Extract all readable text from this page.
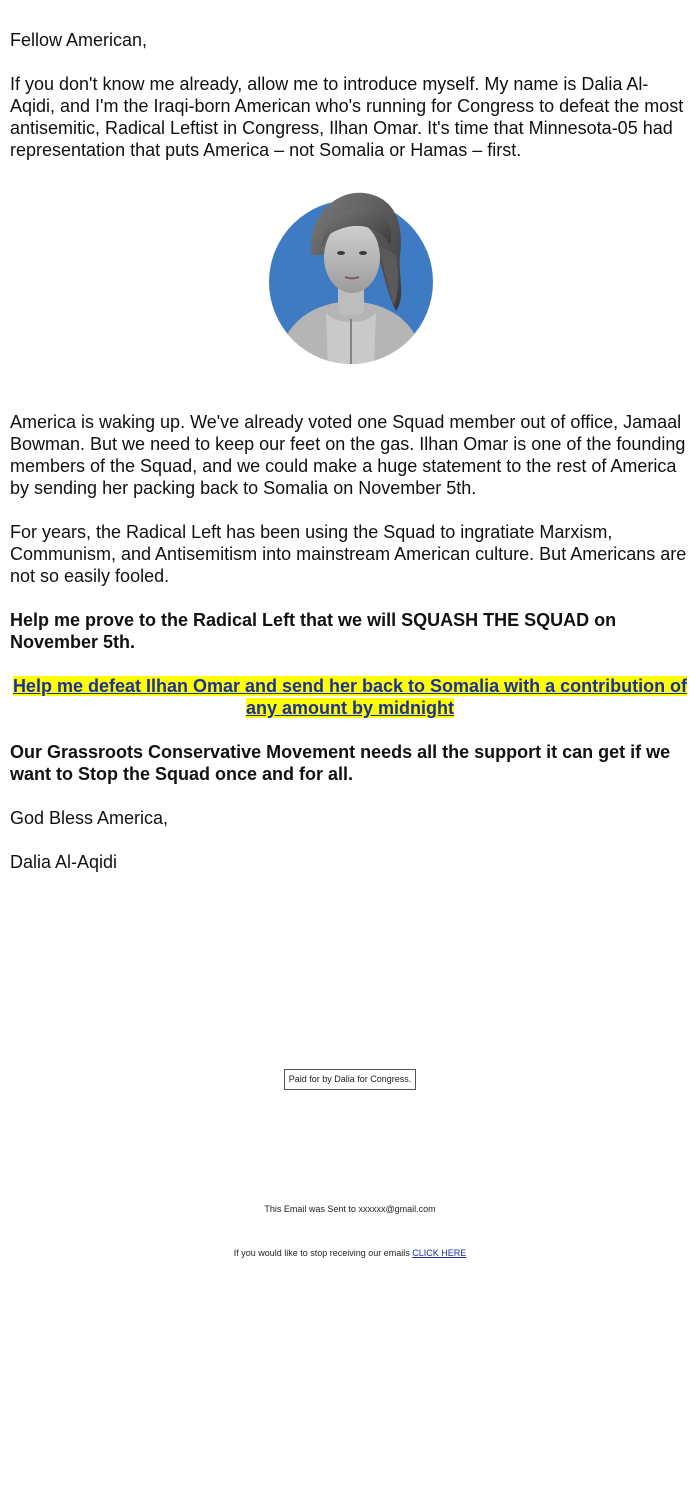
Fellow American,

If you don't know me already, allow me to introduce myself. My name is Dalia Al-Aqidi, and I'm the Iraqi-born American who's running for Congress to defeat the most antisemitic, Radical Leftist in Congress, Ilhan Omar. It's time that Minnesota-05 had representation that puts America – not Somalia or Hamas – first.

America is waking up. We've already voted one Squad member out of office, Jamaal Bowman. But we need to keep our feet on the gas. Ilhan Omar is one of the founding members of the Squad, and we could make a huge statement to the rest of America by sending her packing back to Somalia on November 5th.

For years, the Radical Left has been using the Squad to ingratiate Marxism, Communism, and Antisemitism into mainstream American culture. But Americans are not so easily fooled.

Help me prove to the Radical Left that we will SQUASH THE SQUAD on November 5th.

Help me defeat Ilhan Omar and send her back to Somalia with a contribution of any amount by midnight

Our Grassroots Conservative Movement needs all the support it can get if we want to Stop the Squad once and for all.

God Bless America,

Dalia Al-Aqidi

Paid for by Dalia for Congress.
This Email was Sent to xxxxxx@gmail.com
If you would like to stop receiving our emails CLICK HERE
